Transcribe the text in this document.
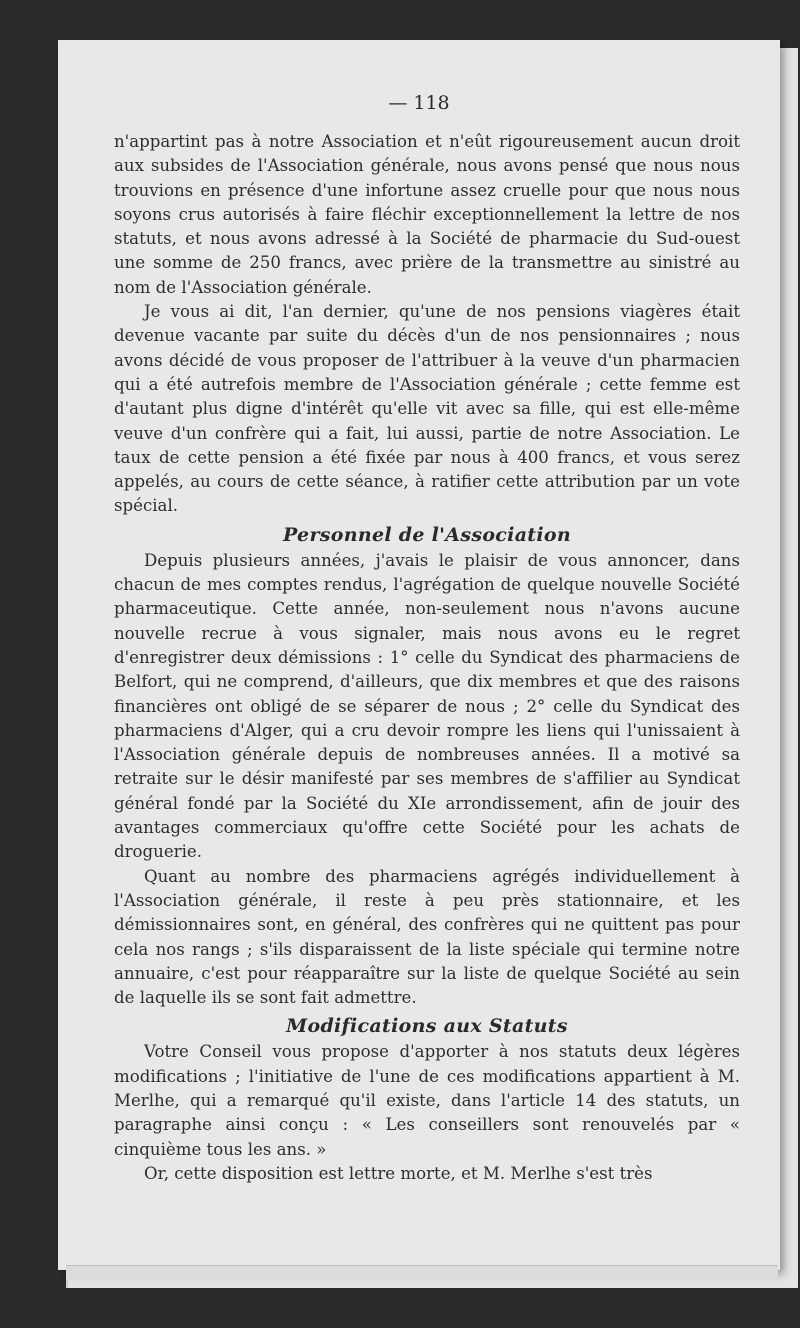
— 118

n'appartint pas à notre Association et n'eût rigoureusement aucun droit aux subsides de l'Association générale, nous avons pensé que nous nous trouvions en présence d'une infortune assez cruelle pour que nous nous soyons crus autorisés à faire fléchir exceptionnellement la lettre de nos statuts, et nous avons adressé à la Société de pharmacie du Sud-ouest une somme de 250 francs, avec prière de la transmettre au sinistré au nom de l'Association générale.

Je vous ai dit, l'an dernier, qu'une de nos pensions viagères était devenue vacante par suite du décès d'un de nos pensionnaires ; nous avons décidé de vous proposer de l'attribuer à la veuve d'un pharmacien qui a été autrefois membre de l'Association générale ; cette femme est d'autant plus digne d'intérêt qu'elle vit avec sa fille, qui est elle-même veuve d'un confrère qui a fait, lui aussi, partie de notre Association. Le taux de cette pension a été fixée par nous à 400 francs, et vous serez appelés, au cours de cette séance, à ratifier cette attribution par un vote spécial.

Personnel de l'Association

Depuis plusieurs années, j'avais le plaisir de vous annoncer, dans chacun de mes comptes rendus, l'agrégation de quelque nouvelle Société pharmaceutique. Cette année, non-seulement nous n'avons aucune nouvelle recrue à vous signaler, mais nous avons eu le regret d'enregistrer deux démissions : 1° celle du Syndicat des pharmaciens de Belfort, qui ne comprend, d'ailleurs, que dix membres et que des raisons financières ont obligé de se séparer de nous ; 2° celle du Syndicat des pharmaciens d'Alger, qui a cru devoir rompre les liens qui l'unissaient à l'Association générale depuis de nombreuses années. Il a motivé sa retraite sur le désir manifesté par ses membres de s'affilier au Syndicat général fondé par la Société du XIe arrondissement, afin de jouir des avantages commerciaux qu'offre cette Société pour les achats de droguerie.

Quant au nombre des pharmaciens agrégés individuellement à l'Association générale, il reste à peu près stationnaire, et les démissionnaires sont, en général, des confrères qui ne quittent pas pour cela nos rangs ; s'ils disparaissent de la liste spéciale qui termine notre annuaire, c'est pour réapparaître sur la liste de quelque Société au sein de laquelle ils se sont fait admettre.

Modifications aux Statuts

Votre Conseil vous propose d'apporter à nos statuts deux légères modifications ; l'initiative de l'une de ces modifications appartient à M. Merlhe, qui a remarqué qu'il existe, dans l'article 14 des statuts, un paragraphe ainsi conçu : « Les conseillers sont renouvelés par « cinquième tous les ans. »

Or, cette disposition est lettre morte, et M. Merlhe s'est très
